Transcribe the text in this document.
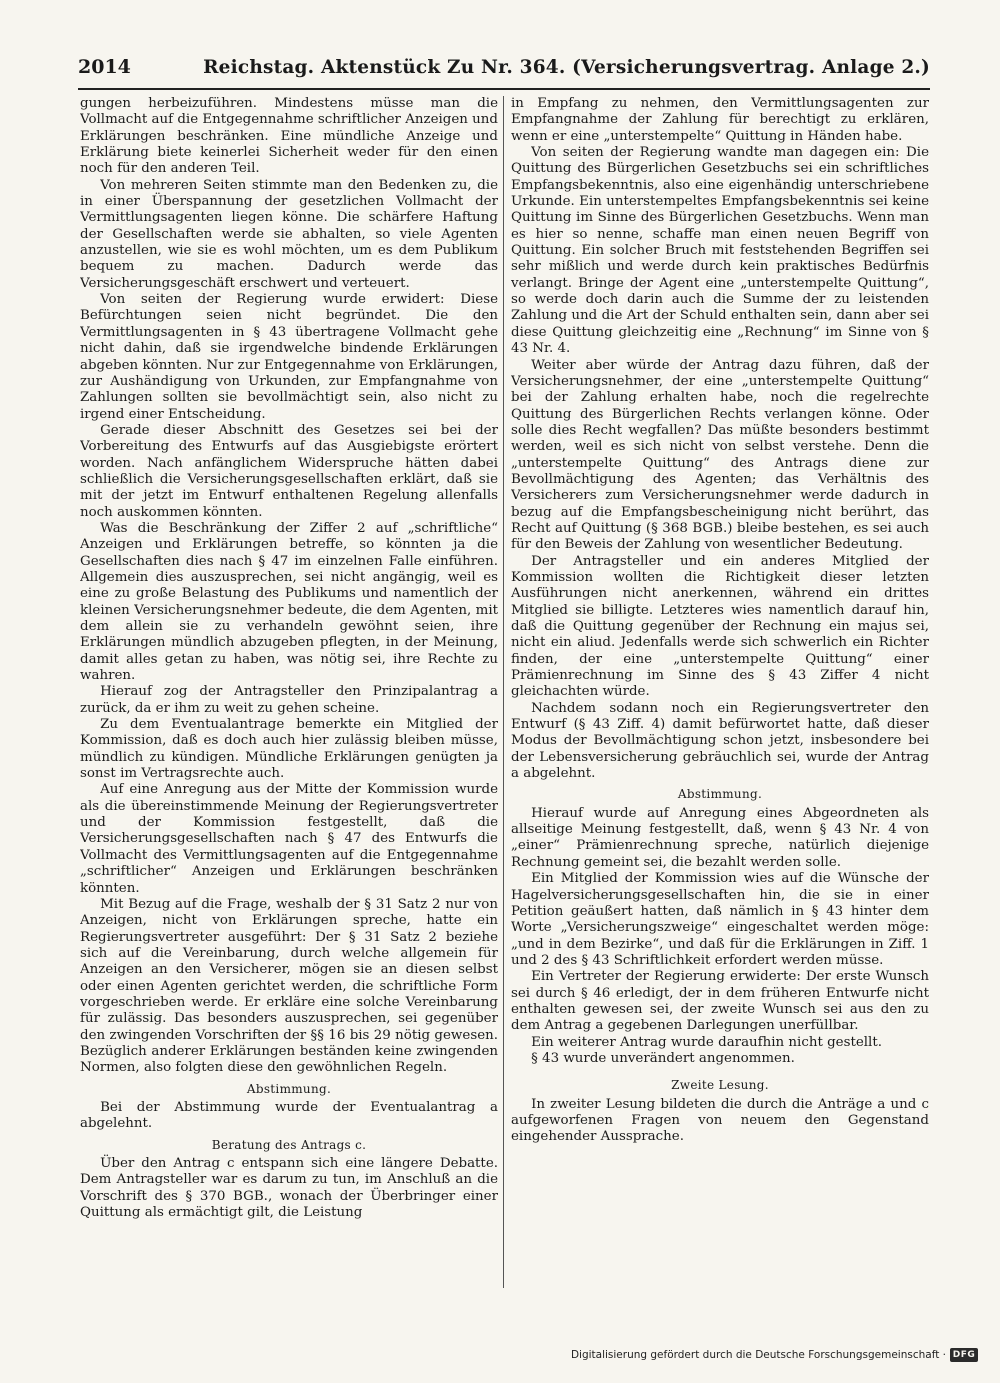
2014	Reichstag. Aktenstück Zu Nr. 364. (Versicherungsvertrag. Anlage 2.)

gungen herbeizuführen. Mindestens müsse man die Vollmacht auf die Entgegennahme schriftlicher Anzeigen und Erklärungen beschränken. Eine mündliche Anzeige und Erklärung biete keinerlei Sicherheit weder für den einen noch für den anderen Teil.

Von mehreren Seiten stimmte man den Bedenken zu, die in einer Überspannung der gesetzlichen Vollmacht der Vermittlungsagenten liegen könne. Die schärfere Haftung der Gesellschaften werde sie abhalten, so viele Agenten anzustellen, wie sie es wohl möchten, um es dem Publikum bequem zu machen. Dadurch werde das Versicherungsgeschäft erschwert und verteuert.

Von seiten der Regierung wurde erwidert: Diese Befürchtungen seien nicht begründet. Die den Vermittlungsagenten in § 43 übertragene Vollmacht gehe nicht dahin, daß sie irgendwelche bindende Erklärungen abgeben könnten. Nur zur Entgegennahme von Erklärungen, zur Aushändigung von Urkunden, zur Empfangnahme von Zahlungen sollten sie bevollmächtigt sein, also nicht zu irgend einer Entscheidung.

Gerade dieser Abschnitt des Gesetzes sei bei der Vorbereitung des Entwurfs auf das Ausgiebigste erörtert worden. Nach anfänglichem Widerspruche hätten dabei schließlich die Versicherungsgesellschaften erklärt, daß sie mit der jetzt im Entwurf enthaltenen Regelung allenfalls noch auskommen könnten.

Was die Beschränkung der Ziffer 2 auf „schriftliche“ Anzeigen und Erklärungen betreffe, so könnten ja die Gesellschaften dies nach § 47 im einzelnen Falle einführen. Allgemein dies auszusprechen, sei nicht angängig, weil es eine zu große Belastung des Publikums und namentlich der kleinen Versicherungsnehmer bedeute, die dem Agenten, mit dem allein sie zu verhandeln gewöhnt seien, ihre Erklärungen mündlich abzugeben pflegten, in der Meinung, damit alles getan zu haben, was nötig sei, ihre Rechte zu wahren.

Hierauf zog der Antragsteller den Prinzipalantrag a zurück, da er ihm zu weit zu gehen scheine.

Zu dem Eventualantrage bemerkte ein Mitglied der Kommission, daß es doch auch hier zulässig bleiben müsse, mündlich zu kündigen. Mündliche Erklärungen genügten ja sonst im Vertragsrechte auch.

Auf eine Anregung aus der Mitte der Kommission wurde als die übereinstimmende Meinung der Regierungsvertreter und der Kommission festgestellt, daß die Versicherungsgesellschaften nach § 47 des Entwurfs die Vollmacht des Vermittlungsagenten auf die Entgegennahme „schriftlicher“ Anzeigen und Erklärungen beschränken könnten.

Mit Bezug auf die Frage, weshalb der § 31 Satz 2 nur von Anzeigen, nicht von Erklärungen spreche, hatte ein Regierungsvertreter ausgeführt: Der § 31 Satz 2 beziehe sich auf die Vereinbarung, durch welche allgemein für Anzeigen an den Versicherer, mögen sie an diesen selbst oder einen Agenten gerichtet werden, die schriftliche Form vorgeschrieben werde. Er erkläre eine solche Vereinbarung für zulässig. Das besonders auszusprechen, sei gegenüber den zwingenden Vorschriften der §§ 16 bis 29 nötig gewesen. Bezüglich anderer Erklärungen beständen keine zwingenden Normen, also folgten diese den gewöhnlichen Regeln.

Abstimmung.

Bei der Abstimmung wurde der Eventualantrag a abgelehnt.

Beratung des Antrags c.

Über den Antrag c entspann sich eine längere Debatte. Dem Antragsteller war es darum zu tun, im Anschluß an die Vorschrift des § 370 BGB., wonach der Überbringer einer Quittung als ermächtigt gilt, die Leistung

in Empfang zu nehmen, den Vermittlungsagenten zur Empfangnahme der Zahlung für berechtigt zu erklären, wenn er eine „unterstempelte“ Quittung in Händen habe.

Von seiten der Regierung wandte man dagegen ein: Die Quittung des Bürgerlichen Gesetzbuchs sei ein schriftliches Empfangsbekenntnis, also eine eigenhändig unterschriebene Urkunde. Ein unterstempeltes Empfangsbekenntnis sei keine Quittung im Sinne des Bürgerlichen Gesetzbuchs. Wenn man es hier so nenne, schaffe man einen neuen Begriff von Quittung. Ein solcher Bruch mit feststehenden Begriffen sei sehr mißlich und werde durch kein praktisches Bedürfnis verlangt. Bringe der Agent eine „unterstempelte Quittung“, so werde doch darin auch die Summe der zu leistenden Zahlung und die Art der Schuld enthalten sein, dann aber sei diese Quittung gleichzeitig eine „Rechnung“ im Sinne von § 43 Nr. 4.

Weiter aber würde der Antrag dazu führen, daß der Versicherungsnehmer, der eine „unterstempelte Quittung“ bei der Zahlung erhalten habe, noch die regelrechte Quittung des Bürgerlichen Rechts verlangen könne. Oder solle dies Recht wegfallen? Das müßte besonders bestimmt werden, weil es sich nicht von selbst verstehe. Denn die „unterstempelte Quittung“ des Antrags diene zur Bevollmächtigung des Agenten; das Verhältnis des Versicherers zum Versicherungsnehmer werde dadurch in bezug auf die Empfangsbescheinigung nicht berührt, das Recht auf Quittung (§ 368 BGB.) bleibe bestehen, es sei auch für den Beweis der Zahlung von wesentlicher Bedeutung.

Der Antragsteller und ein anderes Mitglied der Kommission wollten die Richtigkeit dieser letzten Ausführungen nicht anerkennen, während ein drittes Mitglied sie billigte. Letzteres wies namentlich darauf hin, daß die Quittung gegenüber der Rechnung ein majus sei, nicht ein aliud. Jedenfalls werde sich schwerlich ein Richter finden, der eine „unterstempelte Quittung“ einer Prämienrechnung im Sinne des § 43 Ziffer 4 nicht gleichachten würde.

Nachdem sodann noch ein Regierungsvertreter den Entwurf (§ 43 Ziff. 4) damit befürwortet hatte, daß dieser Modus der Bevollmächtigung schon jetzt, insbesondere bei der Lebensversicherung gebräuchlich sei, wurde der Antrag a abgelehnt.

Abstimmung.

Hierauf wurde auf Anregung eines Abgeordneten als allseitige Meinung festgestellt, daß, wenn § 43 Nr. 4 von „einer“ Prämienrechnung spreche, natürlich diejenige Rechnung gemeint sei, die bezahlt werden solle.

Ein Mitglied der Kommission wies auf die Wünsche der Hagelversicherungsgesellschaften hin, die sie in einer Petition geäußert hatten, daß nämlich in § 43 hinter dem Worte „Versicherungszweige“ eingeschaltet werden möge: „und in dem Bezirke“, und daß für die Erklärungen in Ziff. 1 und 2 des § 43 Schriftlichkeit erfordert werden müsse.

Ein Vertreter der Regierung erwiderte: Der erste Wunsch sei durch § 46 erledigt, der in dem früheren Entwurfe nicht enthalten gewesen sei, der zweite Wunsch sei aus den zu dem Antrag a gegebenen Darlegungen unerfüllbar.

Ein weiterer Antrag wurde daraufhin nicht gestellt.

§ 43 wurde unverändert angenommen.

Zweite Lesung.

In zweiter Lesung bildeten die durch die Anträge a und c aufgeworfenen Fragen von neuem den Gegenstand eingehender Aussprache.

Digitalisierung gefördert durch die Deutsche Forschungsgemeinschaft · DFG
